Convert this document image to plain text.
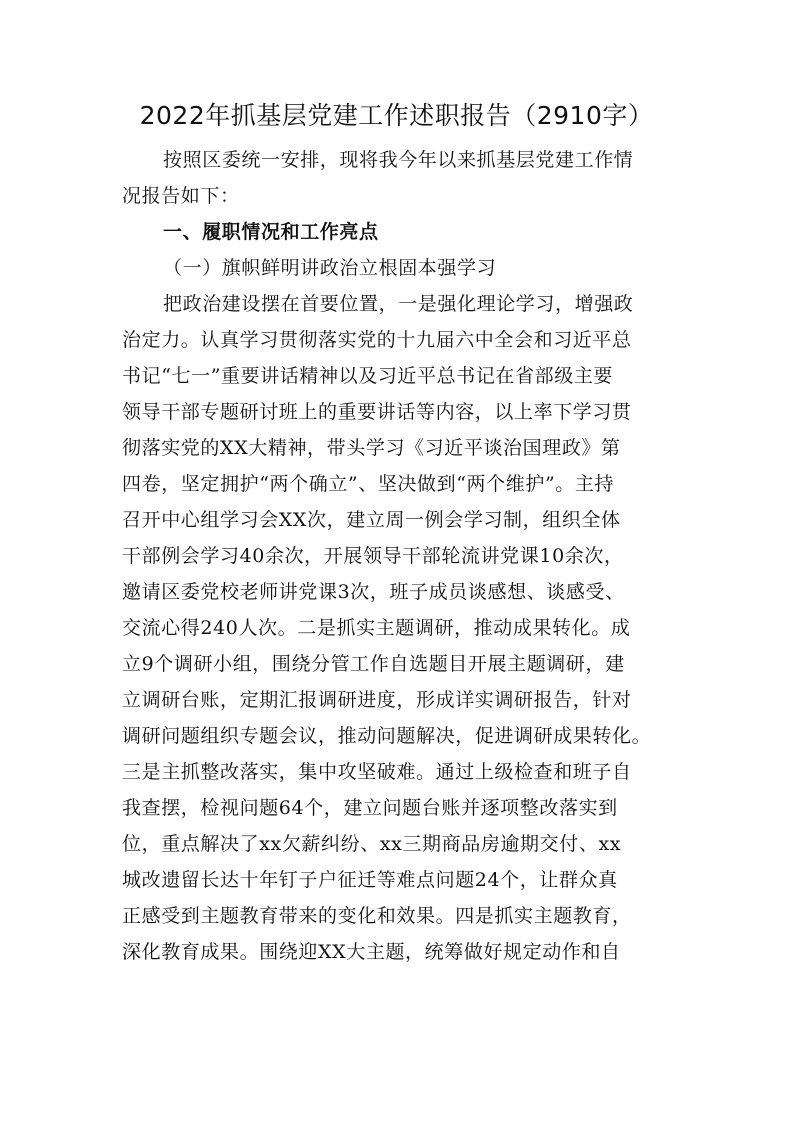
2022年抓基层党建工作述职报告（2910字）
按照区委统一安排，现将我今年以来抓基层党建工作情
况报告如下：
一、履职情况和工作亮点
（一）旗帜鲜明讲政治立根固本强学习
把政治建设摆在首要位置，一是强化理论学习，增强政
治定力。认真学习贯彻落实党的十九届六中全会和习近平总
书记“七一”重要讲话精神以及习近平总书记在省部级主要
领导干部专题研讨班上的重要讲话等内容，以上率下学习贯
彻落实党的XX大精神，带头学习《习近平谈治国理政》第
四卷，坚定拥护“两个确立”、坚决做到“两个维护”。主持
召开中心组学习会XX次，建立周一例会学习制，组织全体
干部例会学习40余次，开展领导干部轮流讲党课10余次，
邀请区委党校老师讲党课3次，班子成员谈感想、谈感受、
交流心得240人次。二是抓实主题调研，推动成果转化。成
立9个调研小组，围绕分管工作自选题目开展主题调研，建
立调研台账，定期汇报调研进度，形成详实调研报告，针对
调研问题组织专题会议，推动问题解决，促进调研成果转化。
三是主抓整改落实，集中攻坚破难。通过上级检查和班子自
我查摆，检视问题64个，建立问题台账并逐项整改落实到
位，重点解决了xx欠薪纠纷、xx三期商品房逾期交付、xx
城改遗留长达十年钉子户征迁等难点问题24个，让群众真
正感受到主题教育带来的变化和效果。四是抓实主题教育，
深化教育成果。围绕迎XX大主题，统筹做好规定动作和自
